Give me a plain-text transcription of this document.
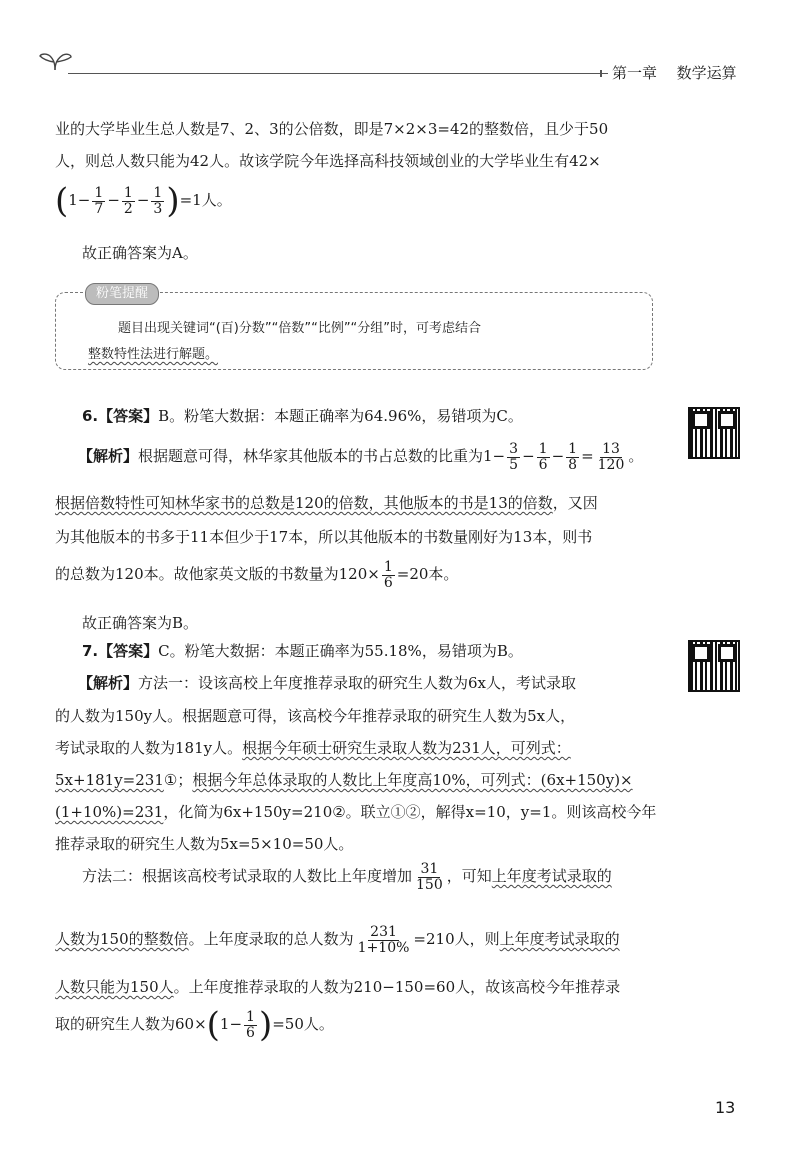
第一章 数学运算
业的大学毕业生总人数是7、2、3的公倍数，即是7×2×3=42的整数倍，且少于50
人，则总人数只能为42人。故该学院今年选择高科技领域创业的大学毕业生有42×
$(1- \frac{1}{7} - \frac{1}{2} - \frac{1}{3} )=1$人。
故正确答案为A。
粉笔提醒
题目出现关键词“(百)分数”“倍数”“比例”“分组”时，可考虑结合
整数特性法进行解题。
6.【答案】B。粉笔大数据：本题正确率为64.96%，易错项为C。
【解析】根据题意可得，林华家其他版本的书占总数的比重为$1- \frac{3}{5} - \frac{1}{6} - \frac{1}{8} = \frac{13}{120}$ 。
根据倍数特性可知林华家书的总数是120的倍数，其他版本的书是13的倍数，又因
为其他版本的书多于11本但少于17本，所以其他版本的书数量刚好为13本，则书
的总数为120本。故他家英文版的书数量为$120\times \frac{1}{6} =20$本。
故正确答案为B。
7.【答案】C。粉笔大数据：本题正确率为55.18%，易错项为B。
【解析】方法一：设该高校上年度推荐录取的研究生人数为6x人，考试录取
的人数为150y人。根据题意可得，该高校今年推荐录取的研究生人数为5x人，
考试录取的人数为181y人。根据今年硕士研究生录取人数为231人，可列式：
5x+181y=231①；根据今年总体录取的人数比上年度高10%，可列式：(6x+150y)×
(1+10%)=231，化简为6x+150y=210②。联立①②，解得x=10，y=1。则该高校今年
推荐录取的研究生人数为5x=5×10=50人。
方法二：根据该高校考试录取的人数比上年度增加 $\frac{31}{150}$ ，可知上年度考试录取的
人数为150的整数倍。上年度录取的总人数为 $\frac{231}{1+10\%} =210$人，则上年度考试录取的
人数只能为150人。上年度推荐录取的人数为210−150=60人，故该高校今年推荐录
取的研究生人数为$60\times(1- \frac{1}{6} )=50$人。
13
